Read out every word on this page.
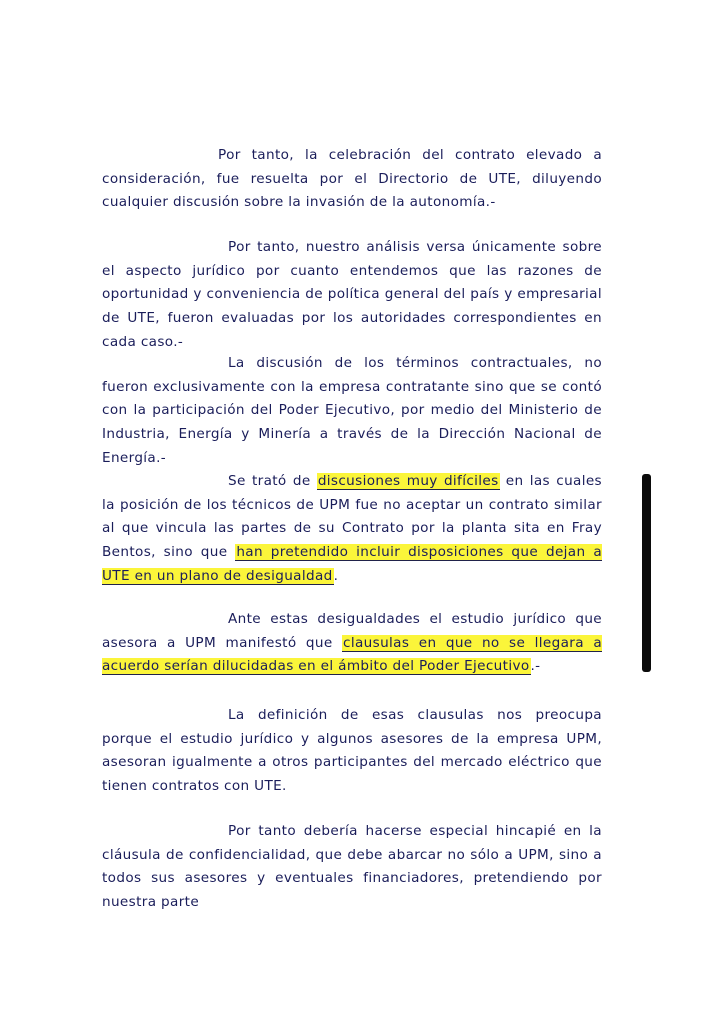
Por tanto, la celebración del contrato elevado a consideración, fue resuelta por el Directorio de UTE, diluyendo cualquier discusión sobre la invasión de la autonomía.-

Por tanto, nuestro análisis versa únicamente sobre el aspecto jurídico por cuanto entendemos que las razones de oportunidad y conveniencia de política general del país y empresarial de UTE, fueron evaluadas por los autoridades correspondientes en cada caso.-

La discusión de los términos contractuales, no fueron exclusivamente con la empresa contratante sino que se contó con la participación del Poder Ejecutivo, por medio del Ministerio de Industria, Energía y Minería a través de la Dirección Nacional de Energía.-

Se trató de discusiones muy difíciles en las cuales la posición de los técnicos de UPM fue no aceptar un contrato similar al que vincula las partes de su Contrato por la planta sita en Fray Bentos, sino que han pretendido incluir disposiciones que dejan a UTE en un plano de desigualdad.

Ante estas desigualdades el estudio jurídico que asesora a UPM manifestó que clausulas en que no se llegara a acuerdo serían dilucidadas en el ámbito del Poder Ejecutivo.-

La definición de esas clausulas nos preocupa porque el estudio jurídico y algunos asesores de la empresa UPM, asesoran igualmente a otros participantes del mercado eléctrico que tienen contratos con UTE.

Por tanto debería hacerse especial hincapié en la cláusula de confidencialidad, que debe abarcar no sólo a UPM, sino a todos sus asesores y eventuales financiadores, pretendiendo por nuestra parte
